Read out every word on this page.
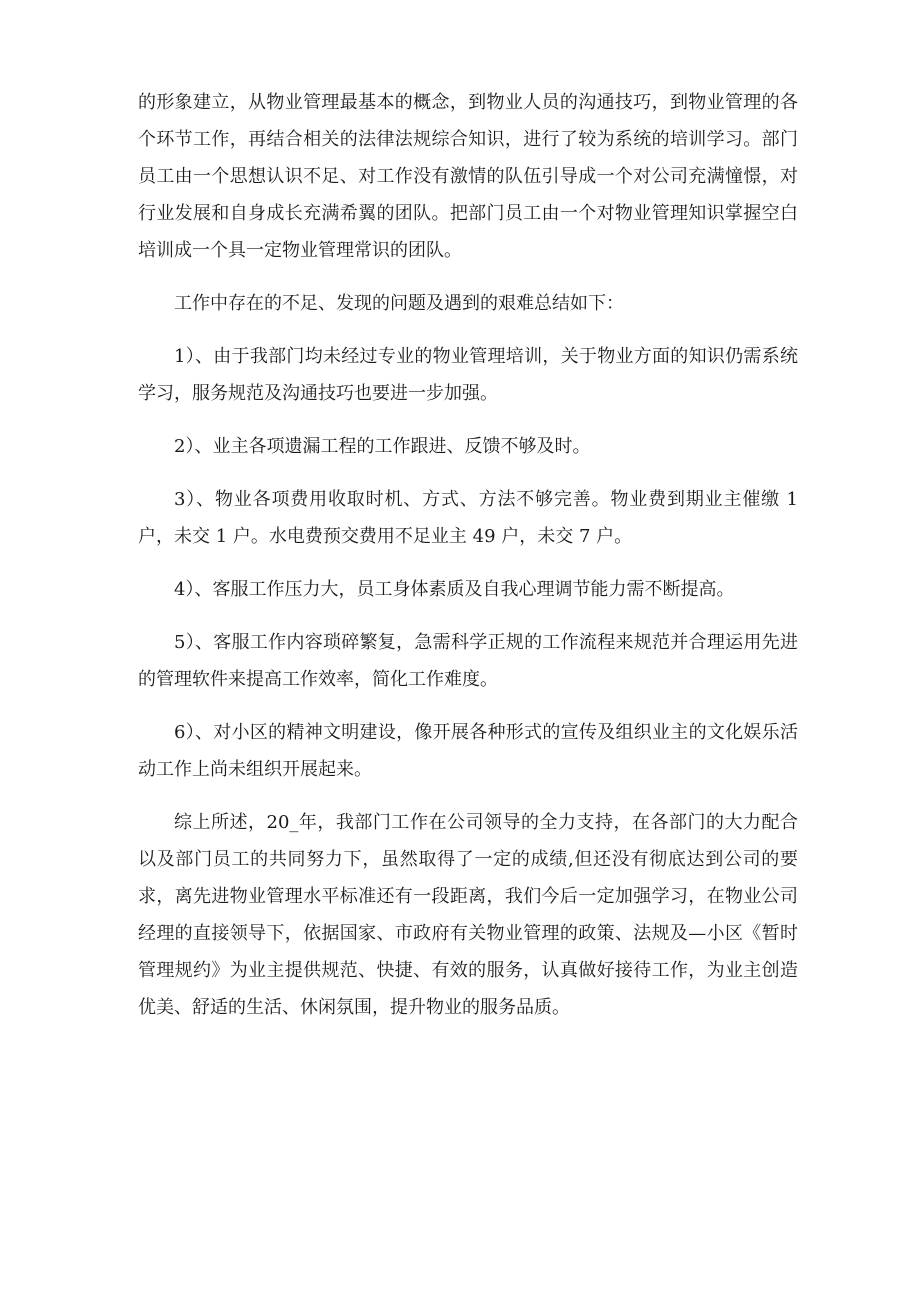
的形象建立，从物业管理最基本的概念，到物业人员的沟通技巧，到物业管理的各个环节工作，再结合相关的法律法规综合知识，进行了较为系统的培训学习。部门员工由一个思想认识不足、对工作没有激情的队伍引导成一个对公司充满憧憬，对行业发展和自身成长充满希翼的团队。把部门员工由一个对物业管理知识掌握空白培训成一个具一定物业管理常识的团队。

工作中存在的不足、发现的问题及遇到的艰难总结如下：

1）、由于我部门均未经过专业的物业管理培训，关于物业方面的知识仍需系统学习，服务规范及沟通技巧也要进一步加强。

2）、业主各项遗漏工程的工作跟进、反馈不够及时。

3）、物业各项费用收取时机、方式、方法不够完善。物业费到期业主催缴 1 户，未交 1 户。水电费预交费用不足业主 49 户，未交 7 户。

4）、客服工作压力大，员工身体素质及自我心理调节能力需不断提高。

5）、客服工作内容琐碎繁复，急需科学正规的工作流程来规范并合理运用先进的管理软件来提高工作效率，简化工作难度。

6）、对小区的精神文明建设，像开展各种形式的宣传及组织业主的文化娱乐活动工作上尚未组织开展起来。

综上所述，20_年，我部门工作在公司领导的全力支持，在各部门的大力配合以及部门员工的共同努力下，虽然取得了一定的成绩,但还没有彻底达到公司的要求，离先进物业管理水平标准还有一段距离，我们今后一定加强学习，在物业公司经理的直接领导下，依据国家、市政府有关物业管理的政策、法规及—小区《暂时管理规约》为业主提供规范、快捷、有效的服务，认真做好接待工作，为业主创造优美、舒适的生活、休闲氛围，提升物业的服务品质。
